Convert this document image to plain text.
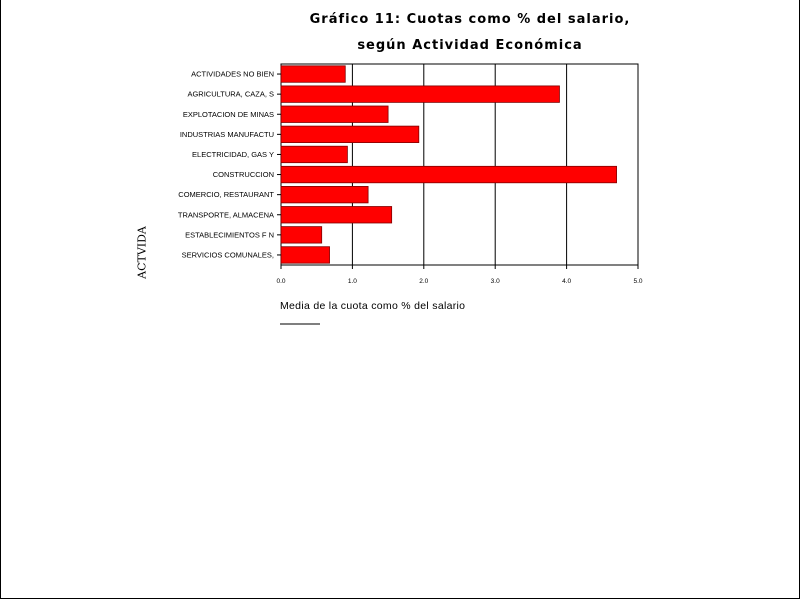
Gráfico 11: Cuotas como % del salario,
según Actividad Económica
0.0	1.0	2.0	3.0	4.0	5.0
ACTIVIDADES NO BIEN
AGRICULTURA, CAZA, S
EXPLOTACION DE MINAS
INDUSTRIAS MANUFACTU
ELECTRICIDAD, GAS Y
CONSTRUCCION
COMERCIO, RESTAURANT
TRANSPORTE, ALMACENA
ESTABLECIMIENTOS F N
SERVICIOS COMUNALES,
Media de la cuota como % del salario
ACTVIDA
